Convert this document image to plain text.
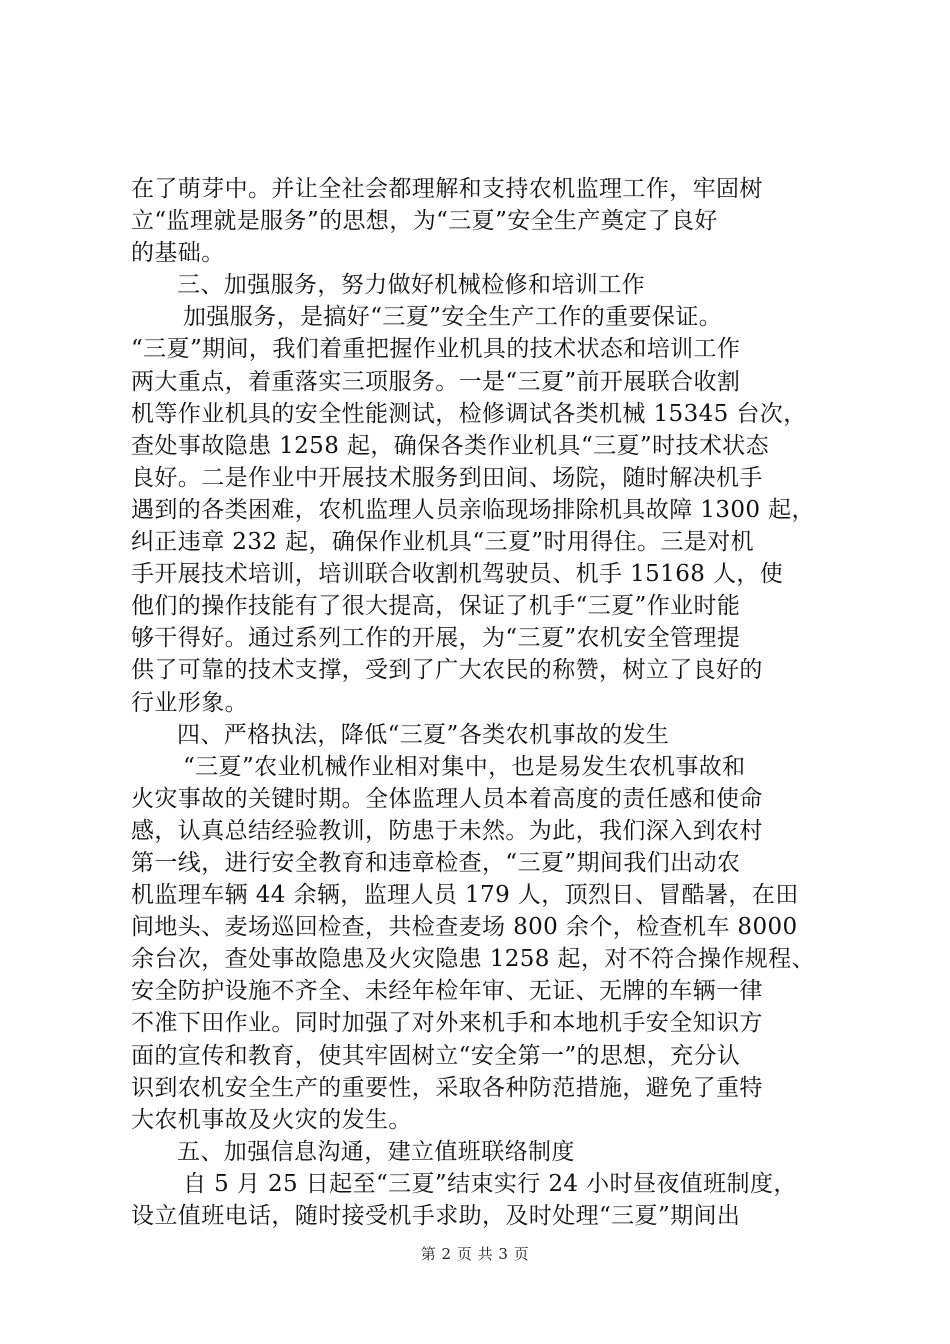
在了萌芽中。并让全社会都理解和支持农机监理工作，牢固树
立“监理就是服务”的思想，为“三夏”安全生产奠定了良好
的基础。
三、加强服务，努力做好机械检修和培训工作
加强服务，是搞好“三夏”安全生产工作的重要保证。
“三夏”期间，我们着重把握作业机具的技术状态和培训工作
两大重点，着重落实三项服务。一是“三夏”前开展联合收割
机等作业机具的安全性能测试，检修调试各类机械 15345 台次，
查处事故隐患 1258 起，确保各类作业机具“三夏”时技术状态
良好。二是作业中开展技术服务到田间、场院，随时解决机手
遇到的各类困难，农机监理人员亲临现场排除机具故障 1300 起，
纠正违章 232 起，确保作业机具“三夏”时用得住。三是对机
手开展技术培训，培训联合收割机驾驶员、机手 15168 人，使
他们的操作技能有了很大提高，保证了机手“三夏”作业时能
够干得好。通过系列工作的开展，为“三夏”农机安全管理提
供了可靠的技术支撑，受到了广大农民的称赞，树立了良好的
行业形象。
四、严格执法，降低“三夏”各类农机事故的发生
“三夏”农业机械作业相对集中，也是易发生农机事故和
火灾事故的关键时期。全体监理人员本着高度的责任感和使命
感，认真总结经验教训，防患于未然。为此，我们深入到农村
第一线，进行安全教育和违章检查，“三夏”期间我们出动农
机监理车辆 44 余辆，监理人员 179 人，顶烈日、冒酷暑，在田
间地头、麦场巡回检查，共检查麦场 800 余个，检查机车 8000
余台次，查处事故隐患及火灾隐患 1258 起，对不符合操作规程、
安全防护设施不齐全、未经年检年审、无证、无牌的车辆一律
不准下田作业。同时加强了对外来机手和本地机手安全知识方
面的宣传和教育，使其牢固树立“安全第一”的思想，充分认
识到农机安全生产的重要性，采取各种防范措施，避免了重特
大农机事故及火灾的发生。
五、加强信息沟通，建立值班联络制度
自 5 月 25 日起至“三夏”结束实行 24 小时昼夜值班制度，
设立值班电话，随时接受机手求助，及时处理“三夏”期间出
第 2 页 共 3 页
